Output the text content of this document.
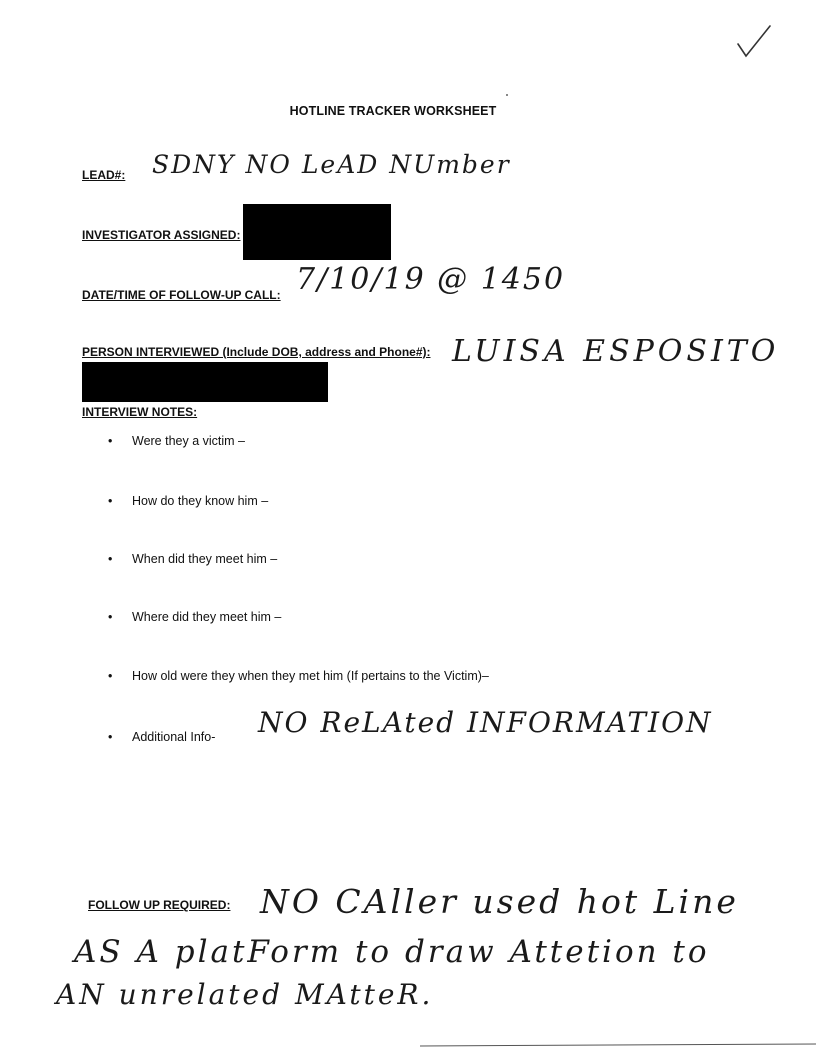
HOTLINE TRACKER WORKSHEET
LEAD#: SDNY NO LeAD NUmber
INVESTIGATOR ASSIGNED:
DATE/TIME OF FOLLOW-UP CALL: 7/10/19 @ 1450
PERSON INTERVIEWED (Include DOB, address and Phone#): LUISA ESPOSITO
INTERVIEW NOTES:
• Were they a victim –
• How do they know him –
• When did they meet him –
• Where did they meet him –
• How old were they when they met him (If pertains to the Victim)–
• Additional Info- NO ReLAted INFORMATION
FOLLOW UP REQUIRED: NO CAller used hot Line
AS A platForm to draw Attetion to
AN unrelated MAtteR.
